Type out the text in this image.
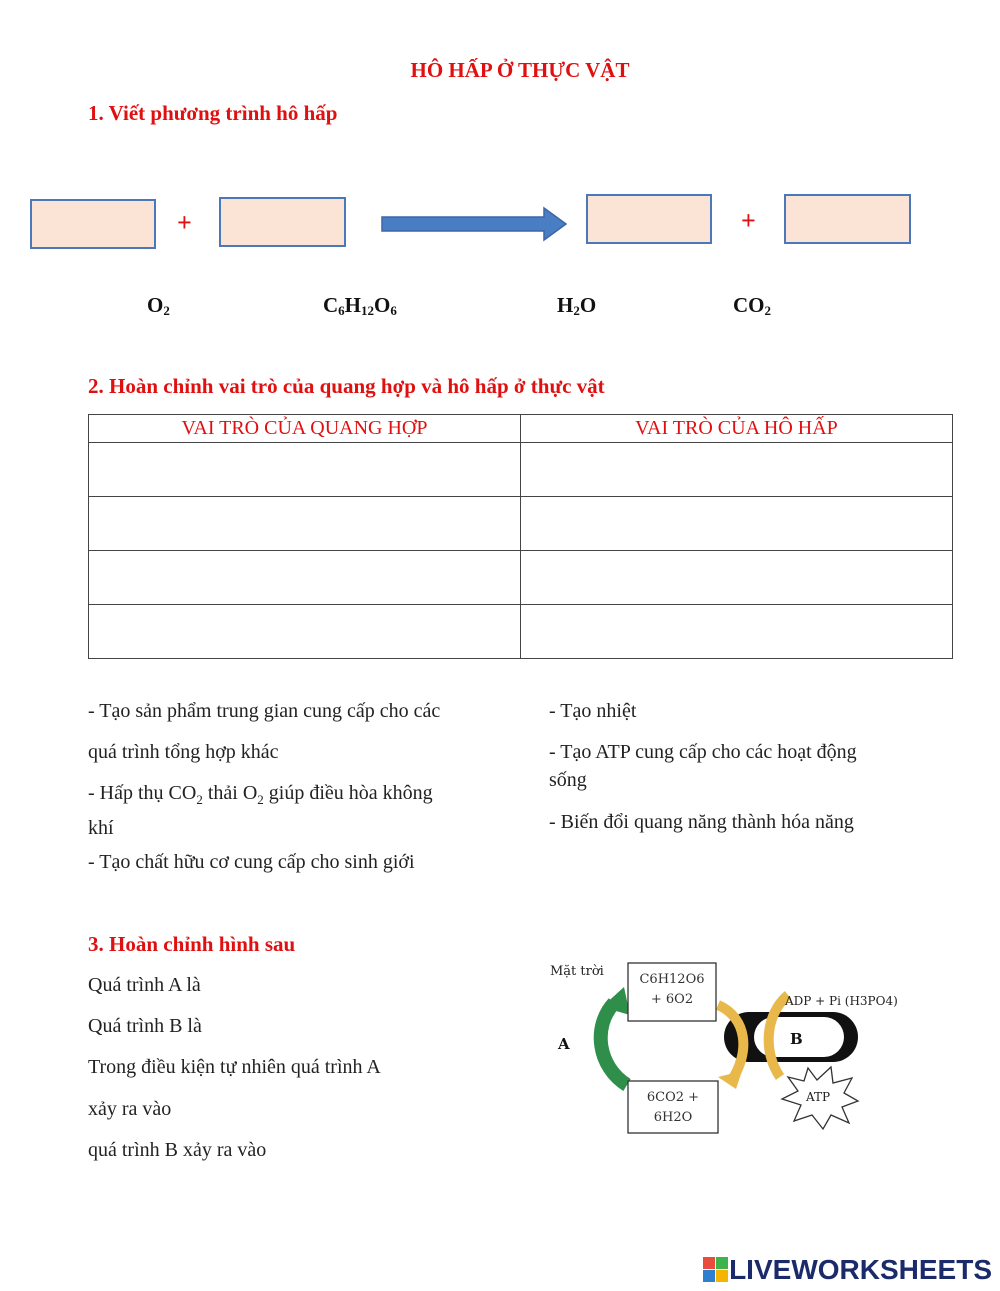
HÔ HẤP Ở THỰC VẬT
1. Viết phương trình hô hấp
+	+
$O_2$	$C_6H_{12}O_6$	$H_2O$	$CO_2$
2. Hoàn chỉnh vai trò của quang hợp và hô hấp ở thực vật
VAI TRÒ CỦA QUANG HỢP	VAI TRÒ CỦA HÔ HẤP

- Tạo sản phẩm trung gian cung cấp cho các
quá trình tổng hợp khác
- Hấp thụ $CO_2$ thải $O_2$ giúp điều hòa không
khí
- Tạo chất hữu cơ cung cấp cho sinh giới
- Tạo nhiệt
- Tạo ATP cung cấp cho các hoạt động
sống
- Biến đổi quang năng thành hóa năng
3. Hoàn chỉnh hình sau
Quá trình A là
Quá trình B là
Trong điều kiện tự nhiên quá trình A
xảy ra vào
quá trình B xảy ra vào
Mặt trời
C6H12O6
+ 6O2
6CO2 +
6H2O
A	B
ADP + Pi (H3PO4)
ATP
LIVEWORKSHEETS
